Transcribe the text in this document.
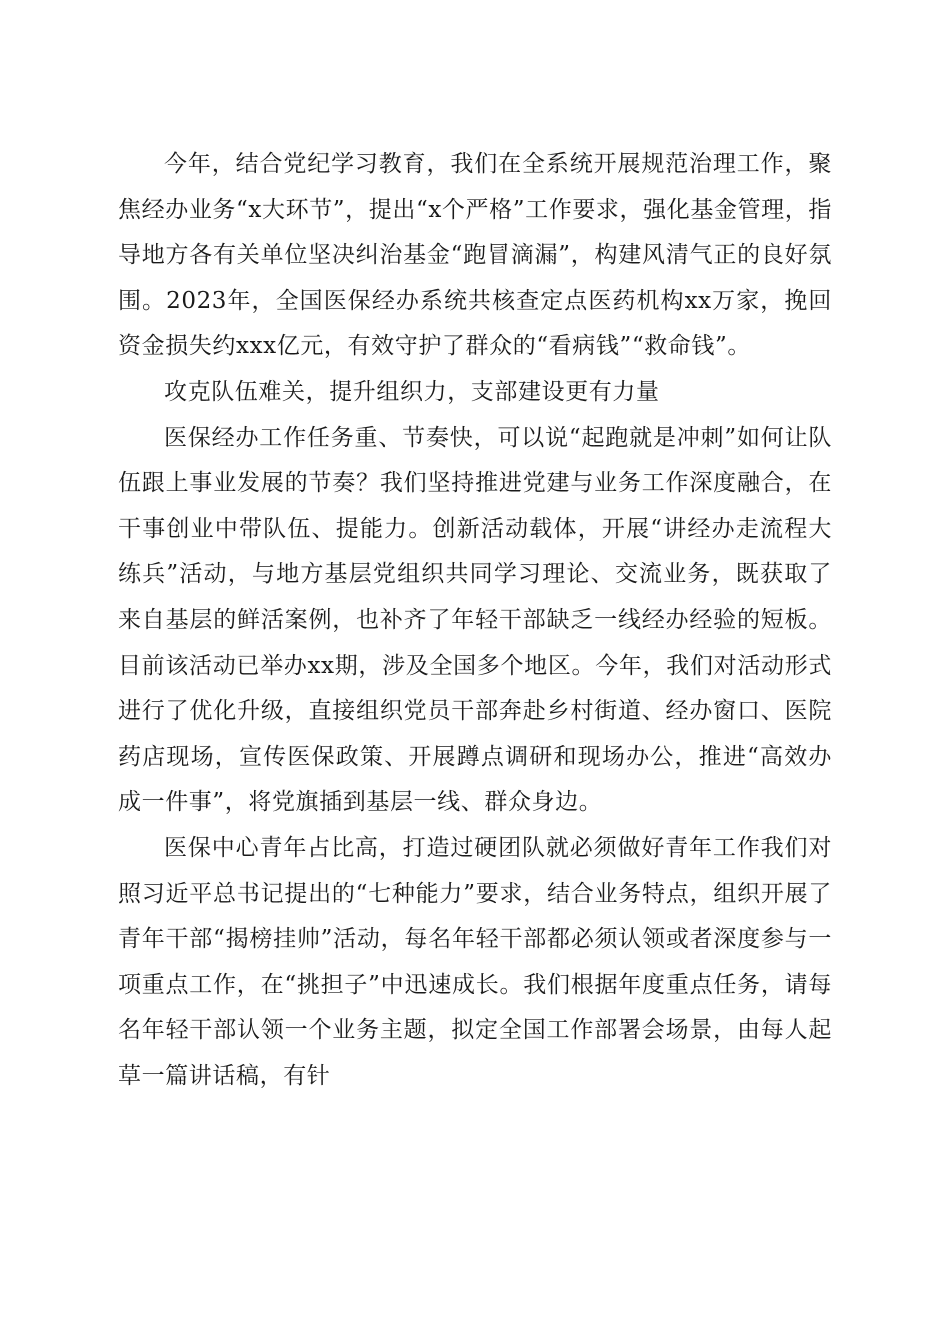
今年，结合党纪学习教育，我们在全系统开展规范治理工作，聚焦经办业务“x大环节”，提出“x个严格”工作要求，强化基金管理，指导地方各有关单位坚决纠治基金“跑冒滴漏”，构建风清气正的良好氛围。2023年，全国医保经办系统共核查定点医药机构xx万家，挽回资金损失约xxx亿元，有效守护了群众的“看病钱”“救命钱”。

攻克队伍难关，提升组织力，支部建设更有力量

医保经办工作任务重、节奏快，可以说“起跑就是冲刺”如何让队伍跟上事业发展的节奏？我们坚持推进党建与业务工作深度融合，在干事创业中带队伍、提能力。创新活动载体，开展“讲经办走流程大练兵”活动，与地方基层党组织共同学习理论、交流业务，既获取了来自基层的鲜活案例，也补齐了年轻干部缺乏一线经办经验的短板。目前该活动已举办xx期，涉及全国多个地区。今年，我们对活动形式进行了优化升级，直接组织党员干部奔赴乡村街道、经办窗口、医院药店现场，宣传医保政策、开展蹲点调研和现场办公，推进“高效办成一件事”，将党旗插到基层一线、群众身边。

医保中心青年占比高，打造过硬团队就必须做好青年工作我们对照习近平总书记提出的“七种能力”要求，结合业务特点，组织开展了青年干部“揭榜挂帅”活动，每名年轻干部都必须认领或者深度参与一项重点工作，在“挑担子”中迅速成长。我们根据年度重点任务，请每名年轻干部认领一个业务主题，拟定全国工作部署会场景，由每人起草一篇讲话稿，有针
